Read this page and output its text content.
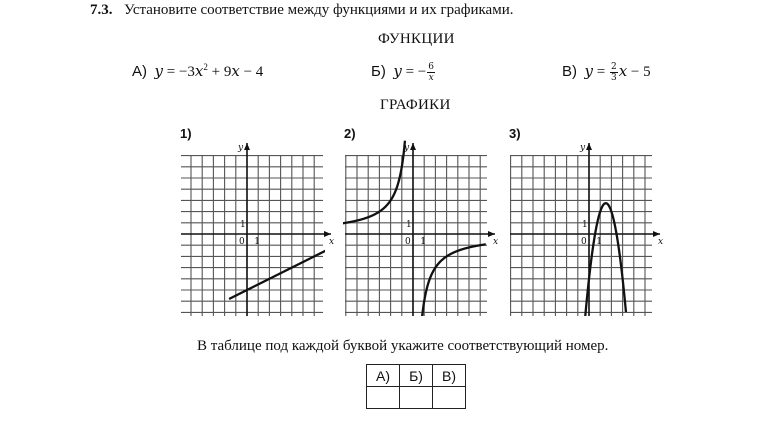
7.3. Установите соответствие между функциями и их графиками.
ФУНКЦИИ
А) $y = -3x^2 + 9x - 4$	Б) y = − $\frac{6}{x}$	В) $y = \frac{2}{3}$ x − 5
ГРАФИКИ
1)	2)	3)
x
y
0 1
1
x
y
0 1
1
x
y
0 1
1
В таблице под каждой буквой укажите соответствующий номер.
А)	Б)	В)
